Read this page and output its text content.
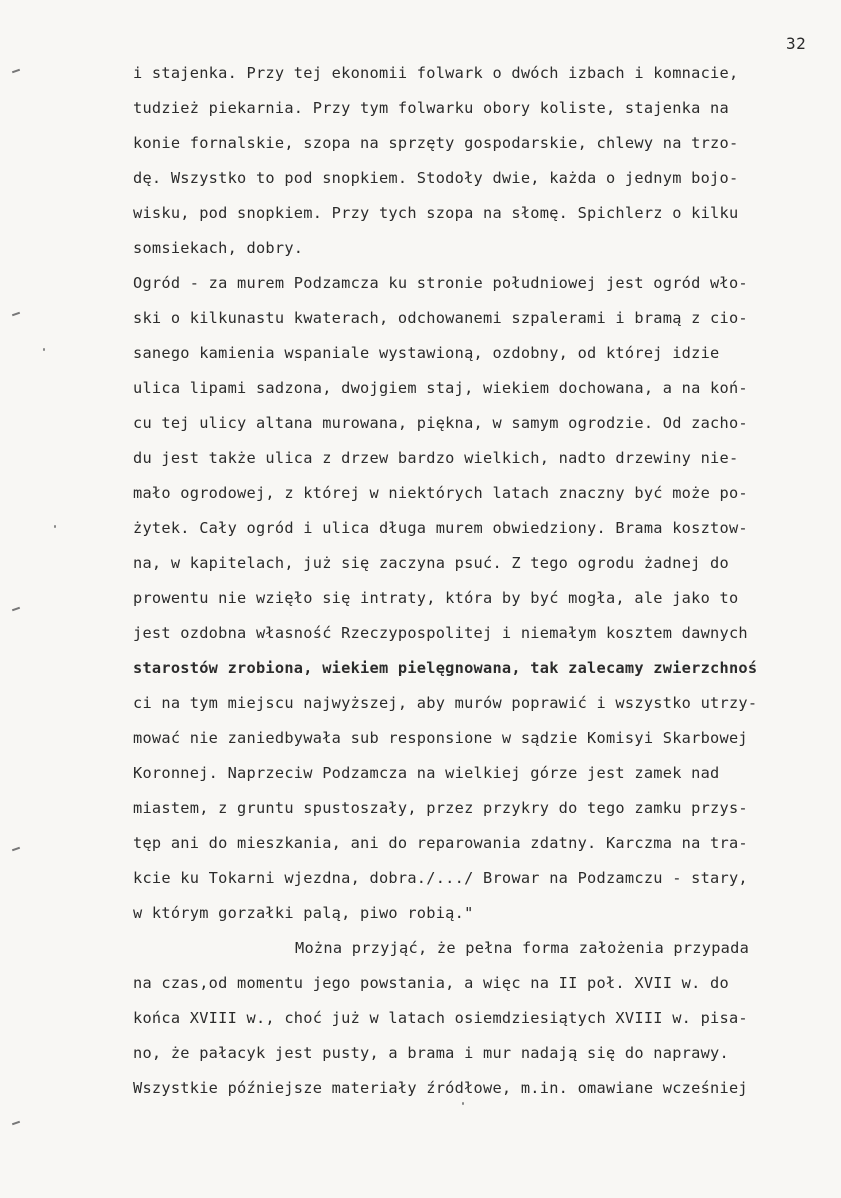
32
i stajenka. Przy tej ekonomii folwark o dwóch izbach i komnacie,
tudzież piekarnia. Przy tym folwarku obory koliste, stajenka na
konie fornalskie, szopa na sprzęty gospodarskie, chlewy na trzo-
dę. Wszystko to pod snopkiem. Stodoły dwie, każda o jednym bojo-
wisku, pod snopkiem. Przy tych szopa na słomę. Spichlerz o kilku
somsiekach, dobry.
Ogród - za murem Podzamcza ku stronie południowej jest ogród wło-
ski o kilkunastu kwaterach, odchowanemi szpalerami i bramą z cio-
sanego kamienia wspaniale wystawioną, ozdobny, od której idzie
ulica lipami sadzona, dwojgiem staj, wiekiem dochowana, a na koń-
cu tej ulicy altana murowana, piękna, w samym ogrodzie. Od zacho-
du jest także ulica z drzew bardzo wielkich, nadto drzewiny nie-
mało ogrodowej, z której w niektórych latach znaczny być może po-
żytek. Cały ogród i ulica długa murem obwiedziony. Brama kosztow-
na, w kapitelach, już się zaczyna psuć. Z tego ogrodu żadnej do
prowentu nie wzięło się intraty, która by być mogła, ale jako to
jest ozdobna własność Rzeczypospolitej i niemałym kosztem dawnych
starostów zrobiona, wiekiem pielęgnowana, tak zalecamy zwierzchnoś
ci na tym miejscu najwyższej, aby murów poprawić i wszystko utrzy-
mować nie zaniedbywała sub responsione w sądzie Komisyi Skarbowej
Koronnej. Naprzeciw Podzamcza na wielkiej górze jest zamek nad
miastem, z gruntu spustoszały, przez przykry do tego zamku przys-
tęp ani do mieszkania, ani do reparowania zdatny. Karczma na tra-
kcie ku Tokarni wjezdna, dobra./.../ Browar na Podzamczu - stary,
w którym gorzałki palą, piwo robią."
Można przyjąć, że pełna forma założenia przypada
na czas,od momentu jego powstania, a więc na II poł. XVII w. do
końca XVIII w., choć już w latach osiemdziesiątych XVIII w. pisa-
no, że pałacyk jest pusty, a brama i mur nadają się do naprawy.
Wszystkie późniejsze materiały źródłowe, m.in. omawiane wcześniej
